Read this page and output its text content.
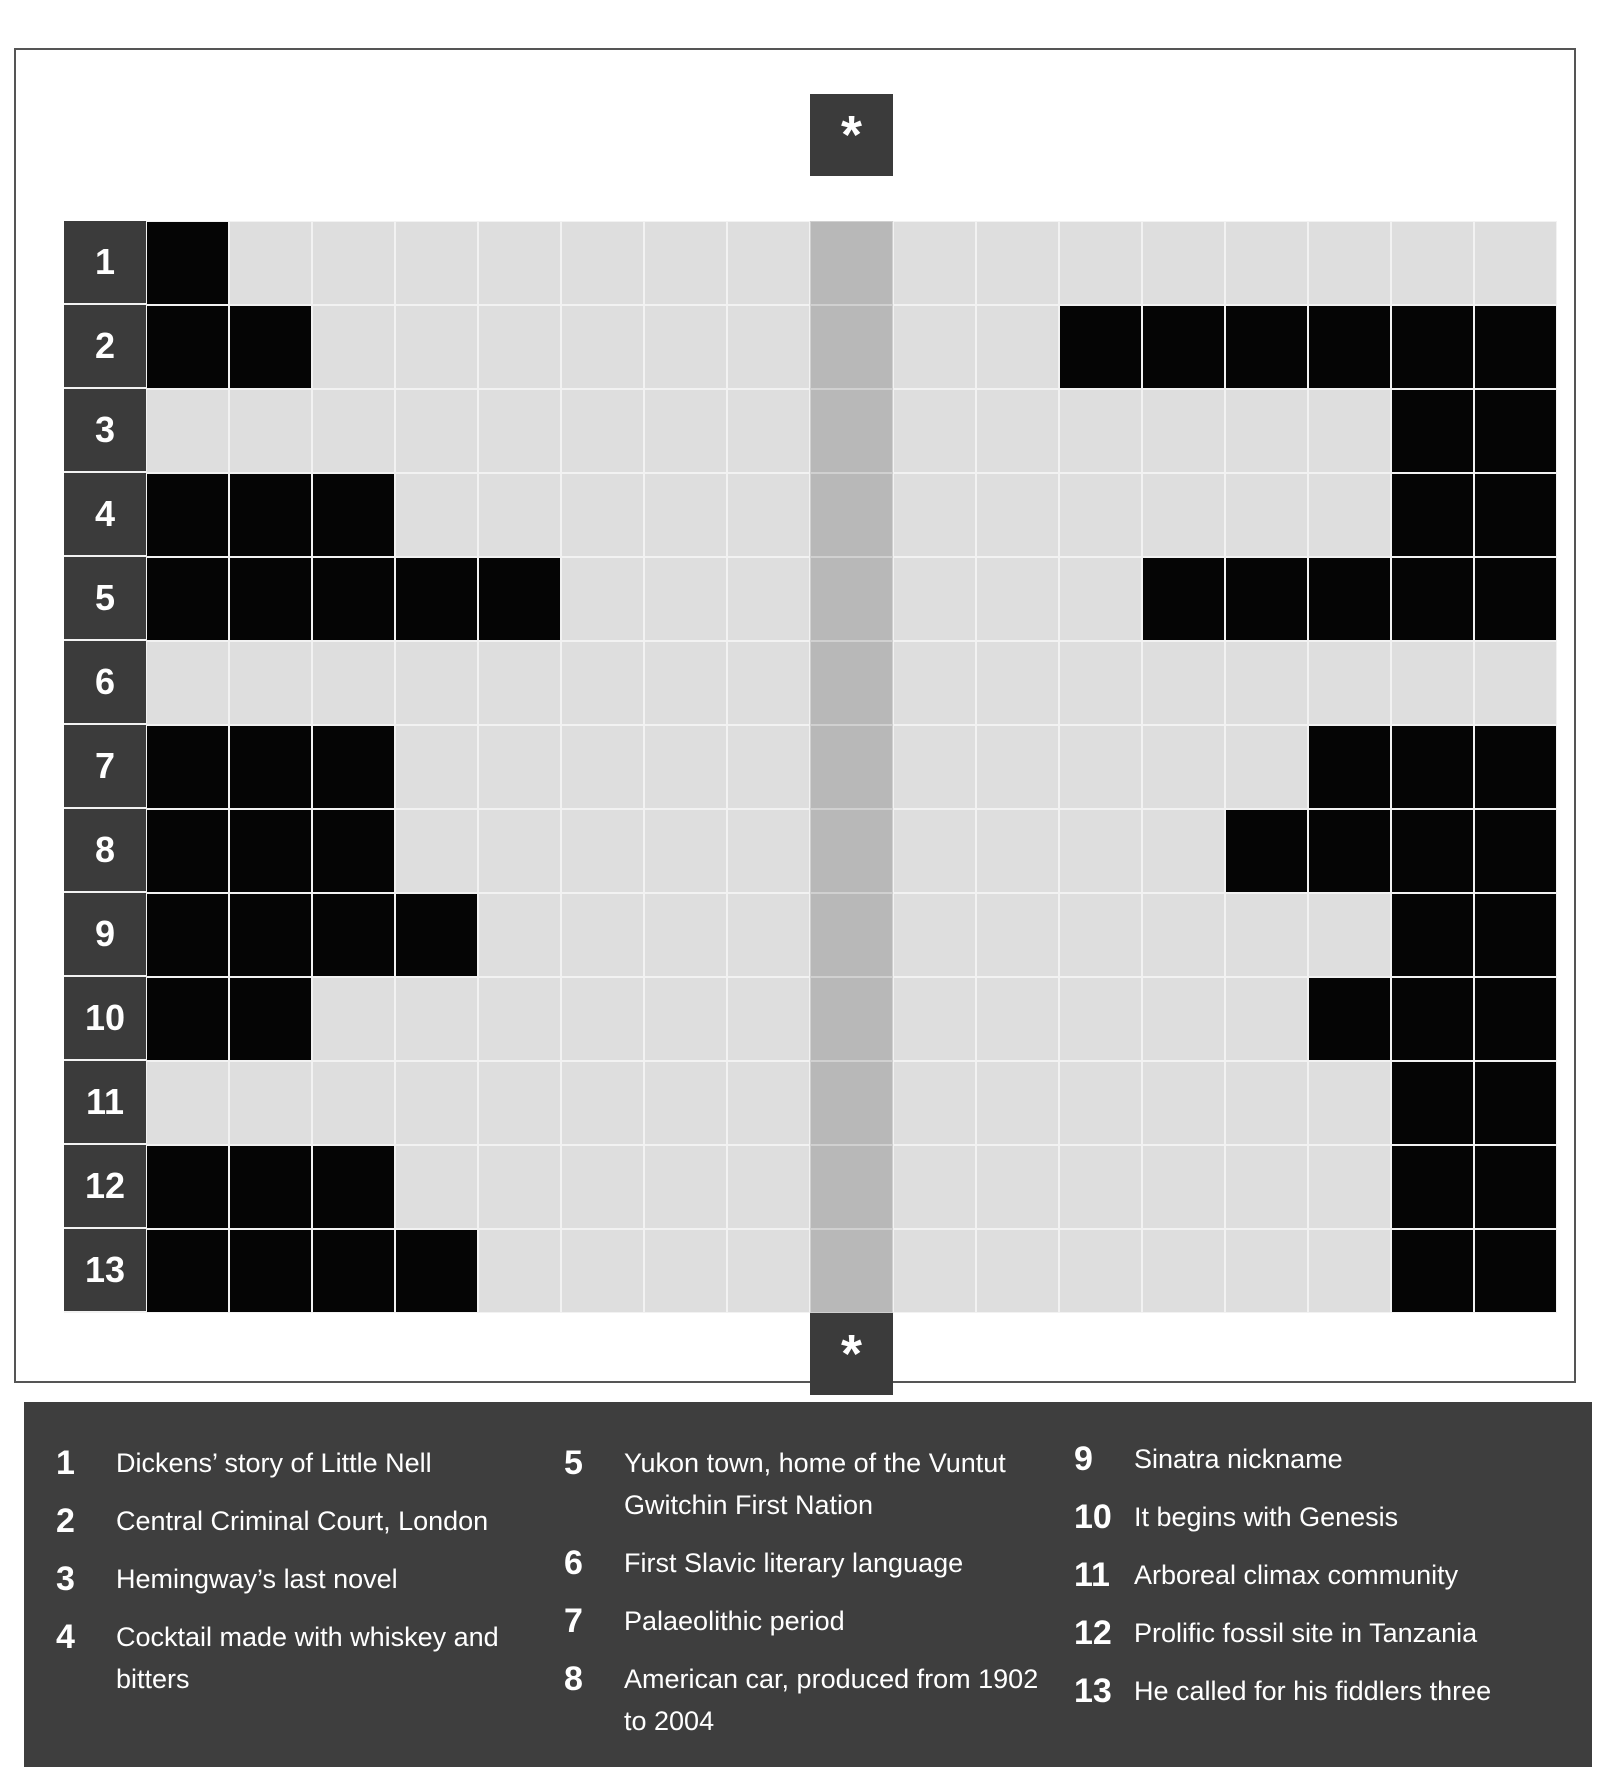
*
1
2
3
4
5
6
7
8
9
10
11
12
13
*
1	Dickens’ story of Little Nell
2	Central Criminal Court, London
3	Hemingway’s last novel
4	Cocktail made with whiskey and bitters
5	Yukon town, home of the Vuntut Gwitchin First Nation
6	First Slavic literary language
7	Palaeolithic period
8	American car, produced from 1902 to 2004
9	Sinatra nickname
10 It begins with Genesis
11 Arboreal climax community
12 Prolific fossil site in Tanzania
13 He called for his fiddlers three
